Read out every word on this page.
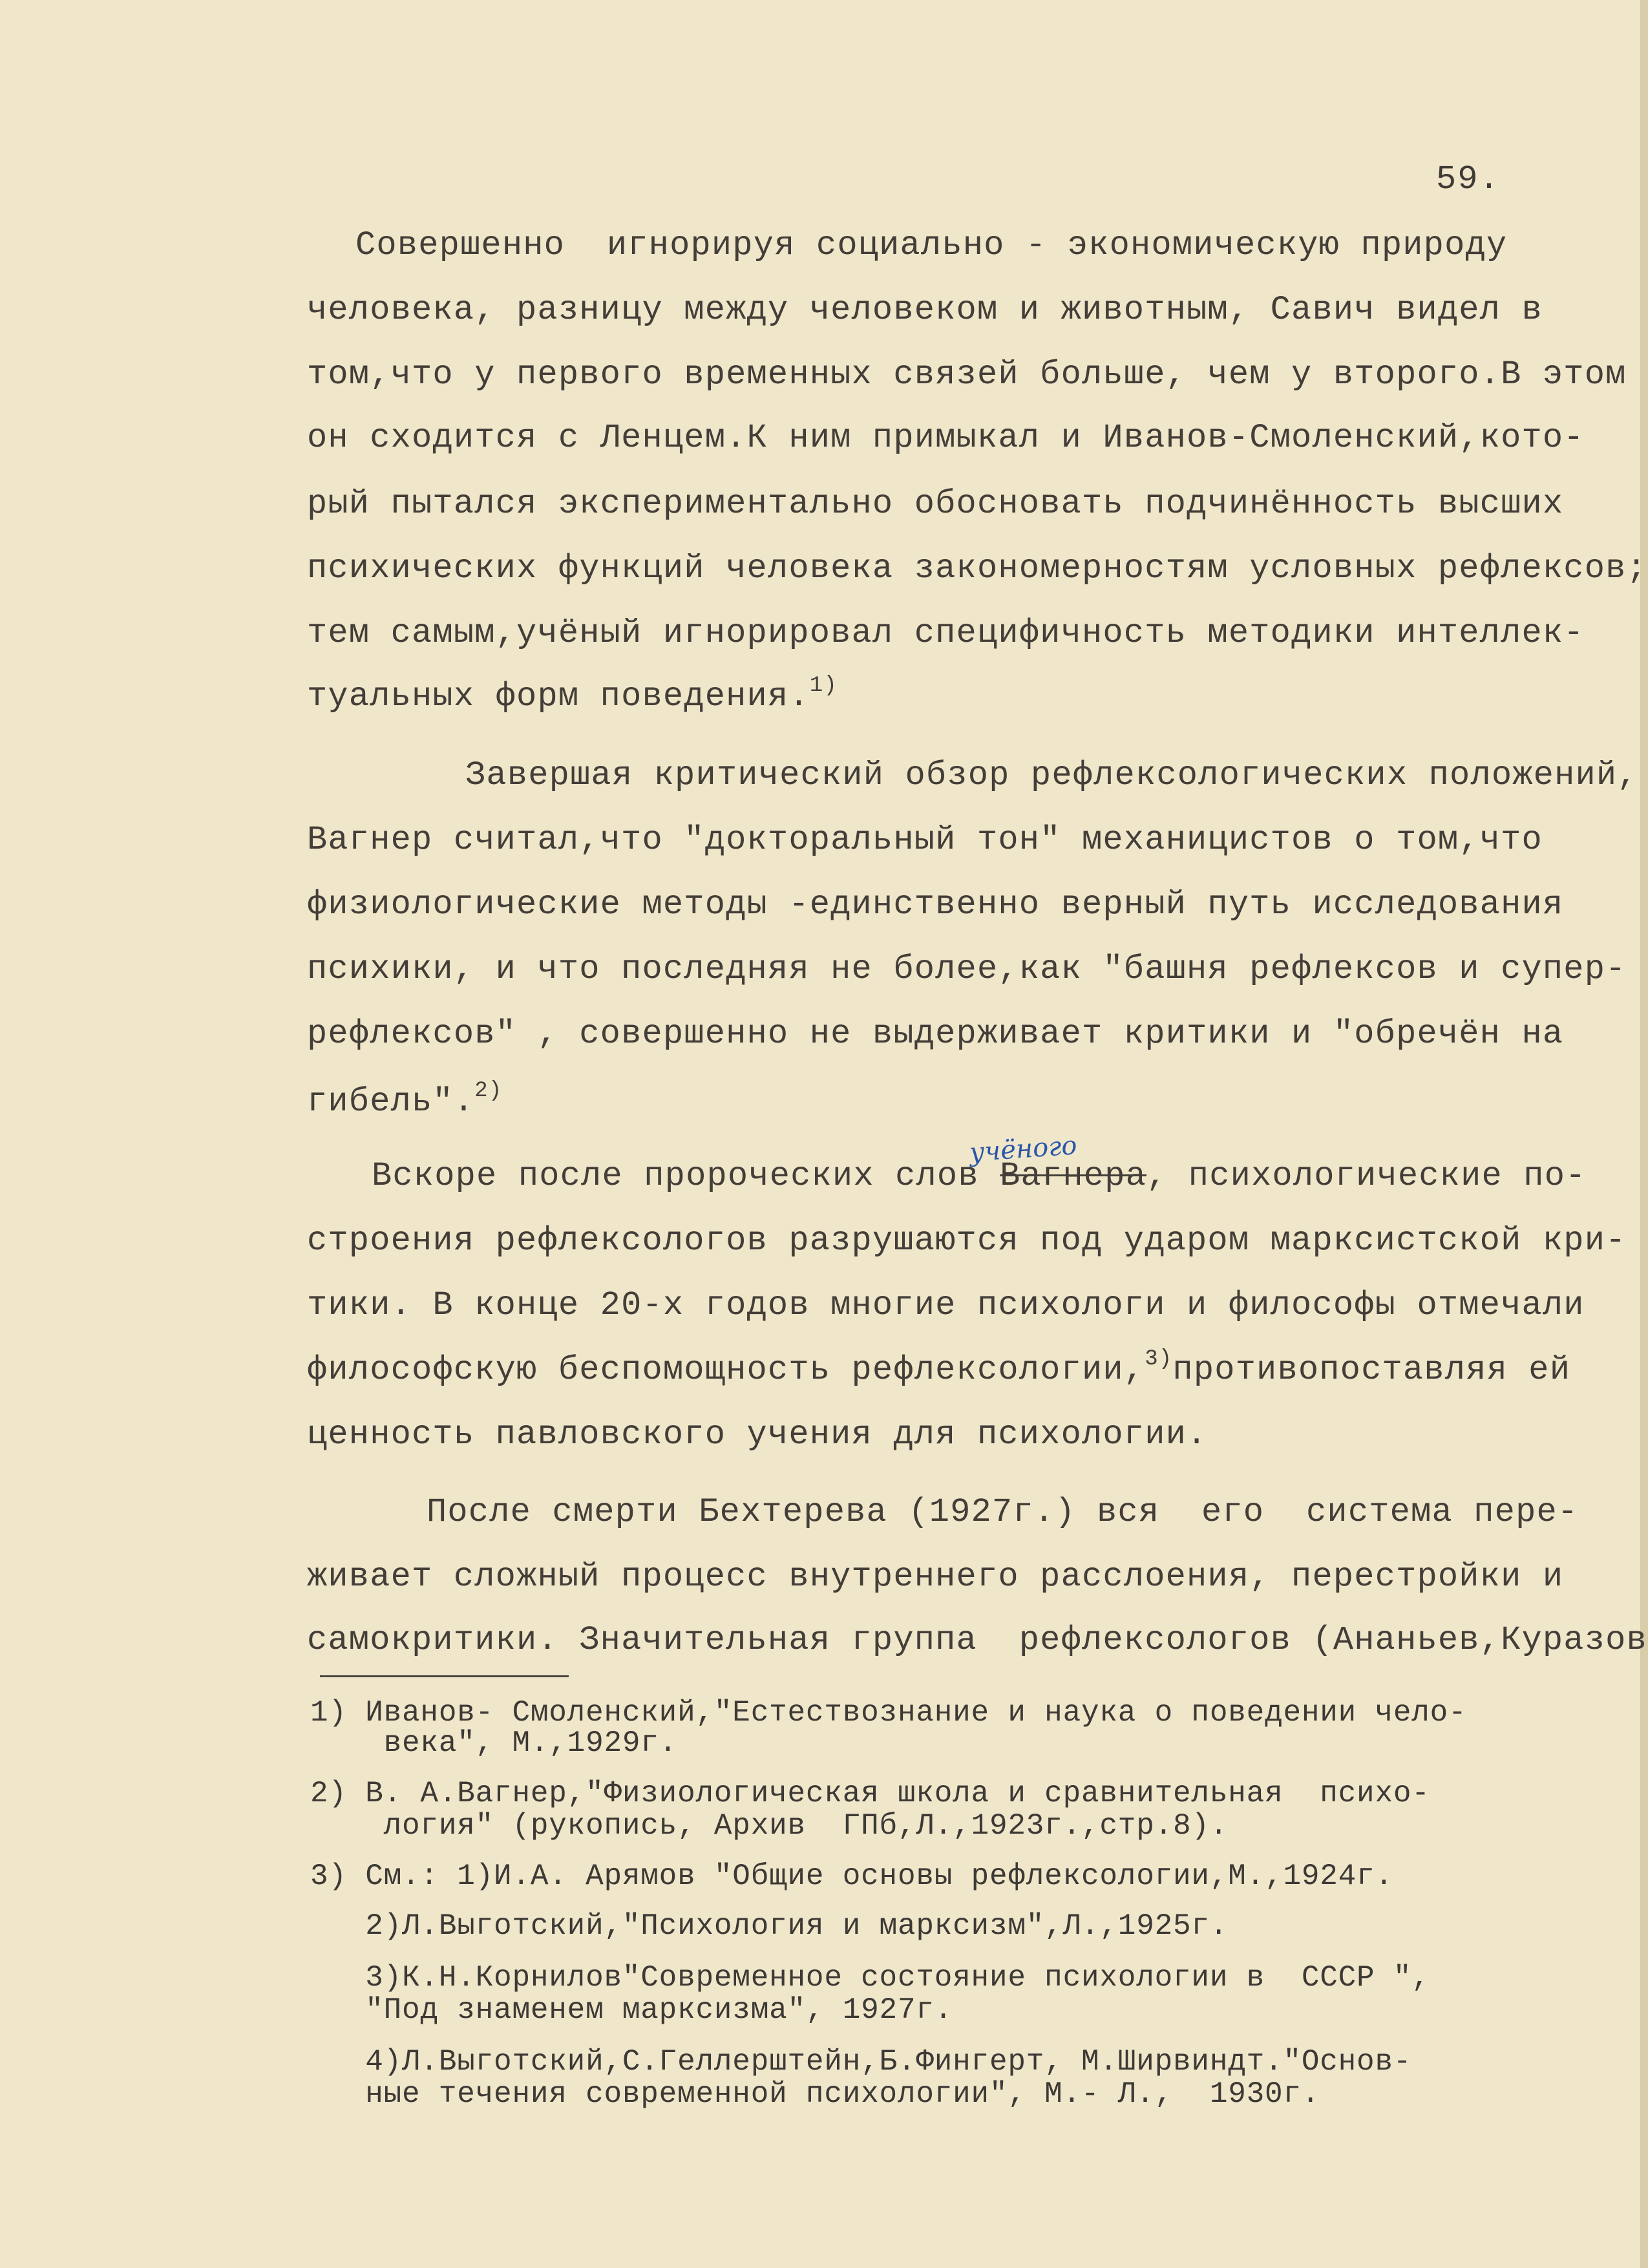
59.
учёного
Совершенно  игнорируя социально - экономическую природу
человека, разницу между человеком и животным, Савич видел в
том,что у первого временных связей больше, чем у второго.В этом
он сходится с Ленцем.К ним примыкал и Иванов-Смоленский,кото-
рый пытался экспериментально обосновать подчинённость высших
психических функций человека закономерностям условных рефлексов;
тем самым,учёный игнорировал специфичность методики интеллек-
туальных форм поведения.$^{1)}$
Завершая критический обзор рефлексологических положений,
Вагнер считал,что "докторальный тон" механицистов о том,что
физиологические методы -единственно верный путь исследования
психики, и что последняя не более,как "башня рефлексов и супер-
рефлексов" , совершенно не выдерживает критики и "обречён на
гибель".$^{2)}$
Вскоре после пророческих слов Вагнера, психологические по-
строения рефлексологов разрушаются под ударом марксистской кри-
тики. В конце 20-х годов многие психологи и философы отмечали
философскую беспомощность рефлексологии,$^{3)}$противопоставляя ей
ценность павловского учения для психологии.
После смерти Бехтерева (1927г.) вся  его  система пере-
живает сложный процесс внутреннего расслоения, перестройки и
самокритики. Значительная группа  рефлексологов (Ананьев,Куразов
1) Иванов- Смоленский,"Естествознание и наука о поведении чело-
века", М.,1929г.
2) В. А.Вагнер,"Физиологическая школа и сравнительная  психо-
логия" (рукопись, Архив  ГПб,Л.,1923г.,стр.8).
3) См.: 1)И.А. Арямов "Общие основы рефлексологии,М.,1924г.
2)Л.Выготский,"Психология и марксизм",Л.,1925г.
3)К.Н.Корнилов"Современное состояние психологии в  СССР ",
"Под знаменем марксизма", 1927г.
4)Л.Выготский,С.Геллерштейн,Б.Фингерт, М.Ширвиндт."Основ-
ные течения современной психологии", М.- Л.,  1930г.
